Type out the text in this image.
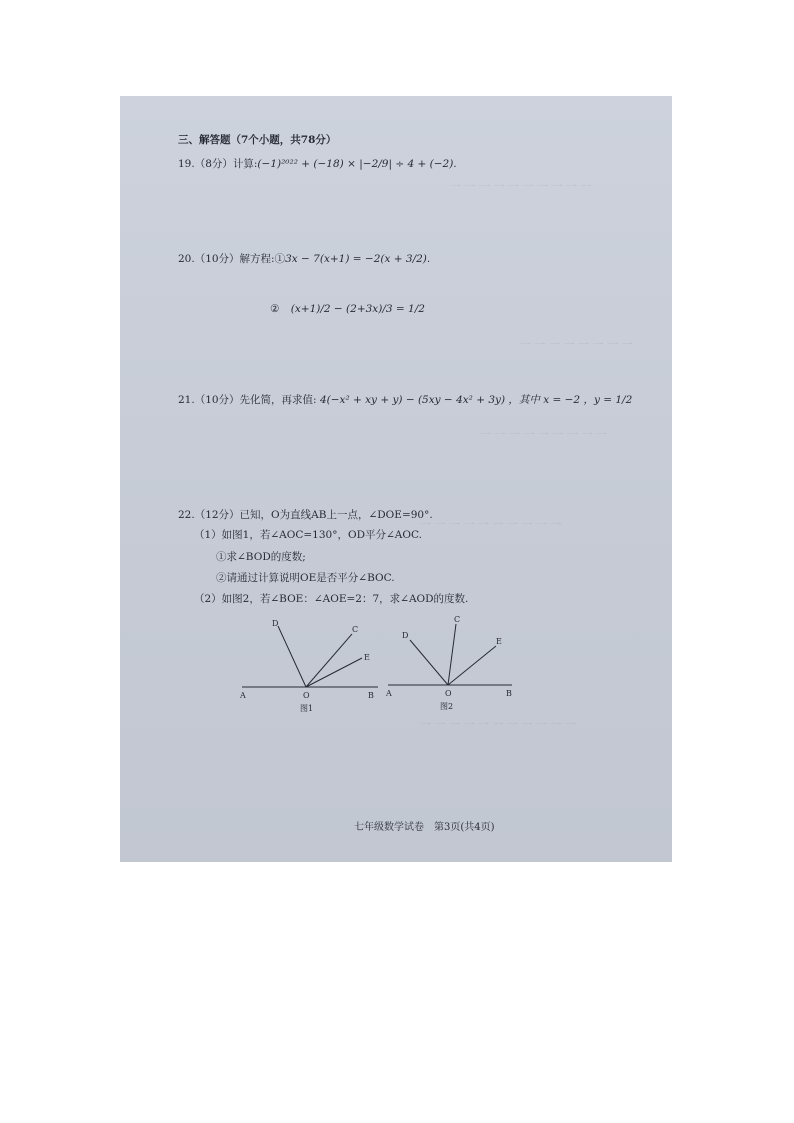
一 一 一 一 一 一 一 一 一 一
一 一 一 一 一 一 一 一
一 一 一 一 一 一 一 一 一
一 一 一 一 一 一 一 一 一 一
一 一 一 一 一 一 一 一 一 一 一
三、解答题（7个小题，共78分）
19.（8分）计算:(−1)²⁰²² + (−18) × |−2/9| ÷ 4 + (−2).
20.（10分）解方程:①3x − 7(x+1) = −2(x + 3/2).
② (x+1)/2 − (2+3x)/3 = 1/2
21.（10分）先化简，再求值: 4(−x² + xy + y) − (5xy − 4x² + 3y) ，其中 x = −2 ，y = 1/2
22.（12分）已知，O为直线AB上一点，∠DOE=90°.
（1）如图1，若∠AOC=130°，OD平分∠AOC.
①求∠BOD的度数;
②请通过计算说明OE是否平分∠BOC.
（2）如图2，若∠BOE：∠AOE=2：7，求∠AOD的度数.
D
C
E
A	O	B
图1
D
C
E
A	O	B
图2
七年级数学试卷　第3页(共4页)
